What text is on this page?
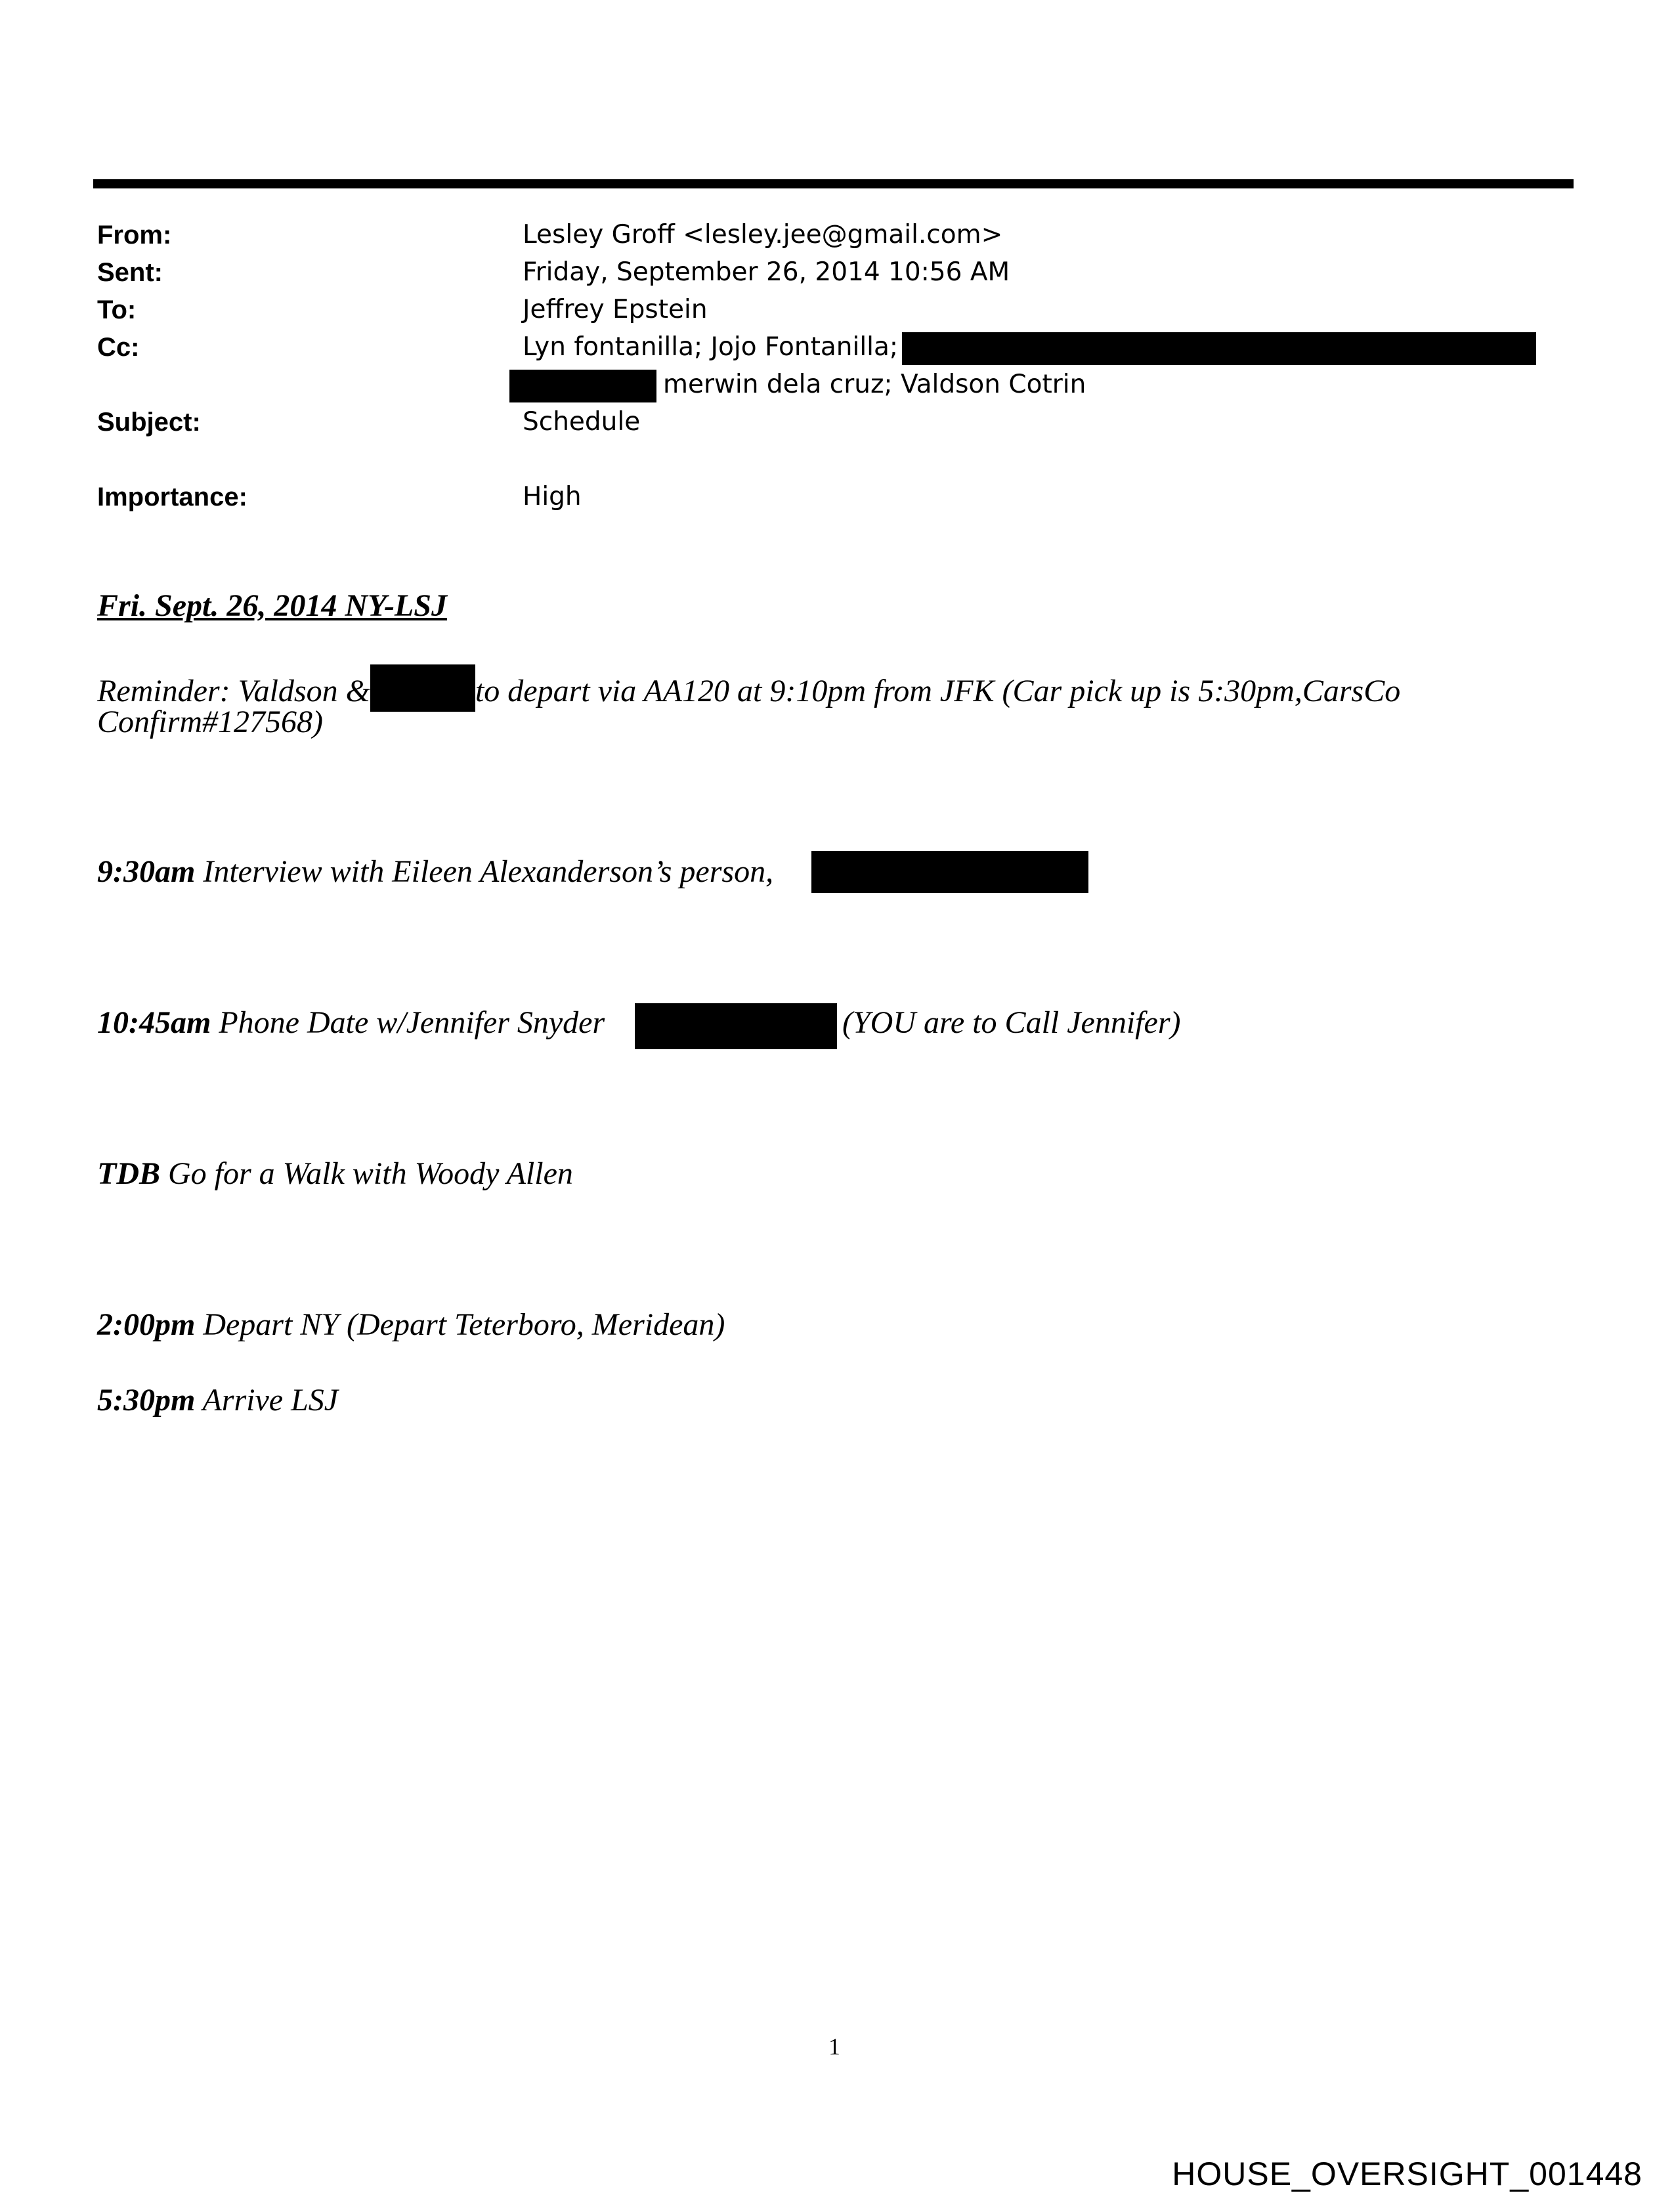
From:	Lesley Groff <lesley.jee@gmail.com>
Sent:	Friday, September 26, 2014 10:56 AM
To:	Jeffrey Epstein
Cc:	Lyn fontanilla; Jojo Fontanilla;
merwin dela cruz; Valdson Cotrin
Subject:	Schedule
Importance:	High
Fri. Sept. 26, 2014 NY-LSJ
Reminder: Valdson &	to depart via AA120 at 9:10pm from JFK (Car pick up is 5:30pm,CarsCo
Confirm#127568)
9:30am Interview with Eileen Alexanderson’s person,
10:45am Phone Date w/Jennifer Snyder	(YOU are to Call Jennifer)
TDB Go for a Walk with Woody Allen
2:00pm Depart NY (Depart Teterboro, Meridean)
5:30pm Arrive LSJ
1
HOUSE_OVERSIGHT_001448
